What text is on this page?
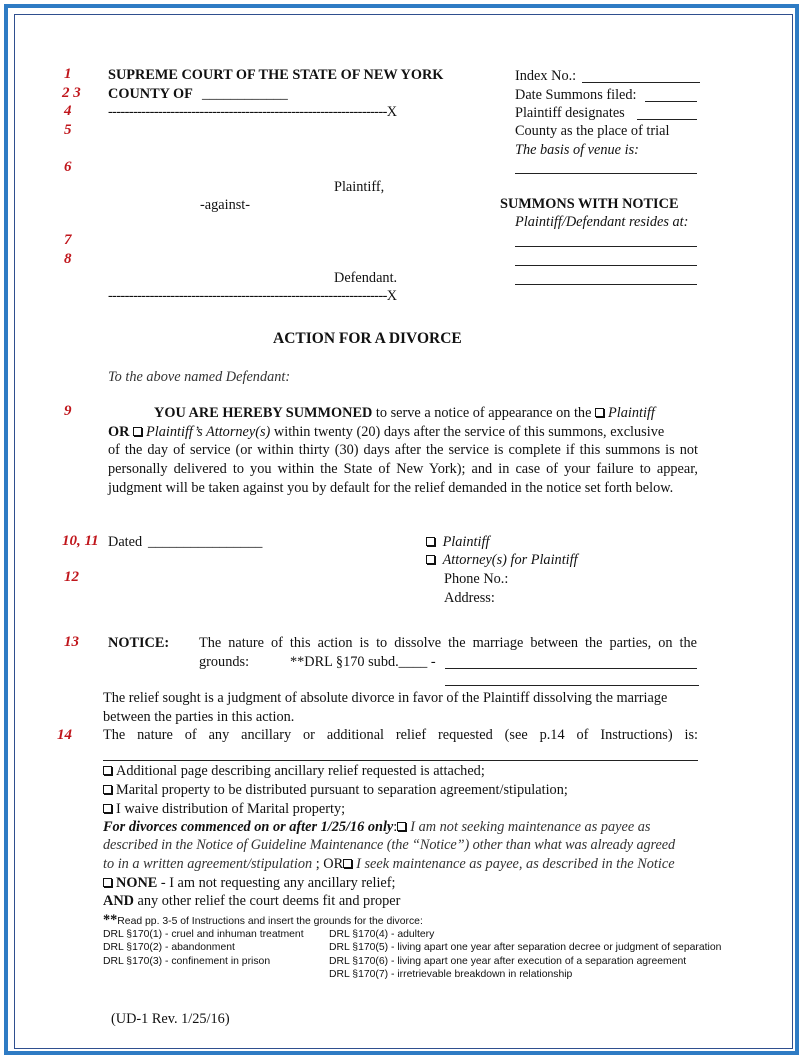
1
2 3
4
5
6
7
8
9
10, 11
12
13
14
SUPREME COURT OF THE STATE OF NEW YORK
COUNTY OF ____________
-------------------------------------------------------------------X
Plaintiff,
-against-
Defendant.
-------------------------------------------------------------------X
Index No.:
Date Summons filed:
Plaintiff designates
County as the place of trial
The basis of venue is:
SUMMONS WITH NOTICE
Plaintiff/Defendant resides at:
ACTION FOR A DIVORCE
To the above named Defendant:
YOU ARE HEREBY SUMMONED to serve a notice of appearance on the Plaintiff
OR Plaintiff’s Attorney(s) within twenty (20) days after the service of this summons, exclusive
of the day of service (or within thirty (30) days after the service is complete if this summons is not
personally delivered to you within the State of New York); and in case of your failure to appear,
judgment will be taken against you by default for the relief demanded in the notice set forth below.
Dated ________________	Plaintiff
Attorney(s) for Plaintiff
Phone No.:
Address:
NOTICE: The nature of this action is to dissolve the marriage between the parties, on the
grounds:	**DRL §170 subd.____ -
The relief sought is a judgment of absolute divorce in favor of the Plaintiff dissolving the marriage
between the parties in this action.
The nature of any ancillary or additional relief requested (see p.14 of Instructions) is:
Additional page describing ancillary relief requested is attached;
Marital property to be distributed pursuant to separation agreement/stipulation;
I waive distribution of Marital property;
For divorces commenced on or after 1/25/16 only: I am not seeking maintenance as payee as
described in the Notice of Guideline Maintenance (the “Notice”) other than what was already agreed
to in a written agreement/stipulation ; OR I seek maintenance as payee, as described in the Notice
NONE - I am not requesting any ancillary relief;
AND any other relief the court deems fit and proper
**Read pp. 3-5 of Instructions and insert the grounds for the divorce:
DRL §170(1) - cruel and inhuman treatment
DRL §170(2) - abandonment
DRL §170(3) - confinement in prison
DRL §170(4) - adultery
DRL §170(5) - living apart one year after separation decree or judgment of separation
DRL §170(6) - living apart one year after execution of a separation agreement
DRL §170(7) - irretrievable breakdown in relationship
(UD-1 Rev. 1/25/16)
